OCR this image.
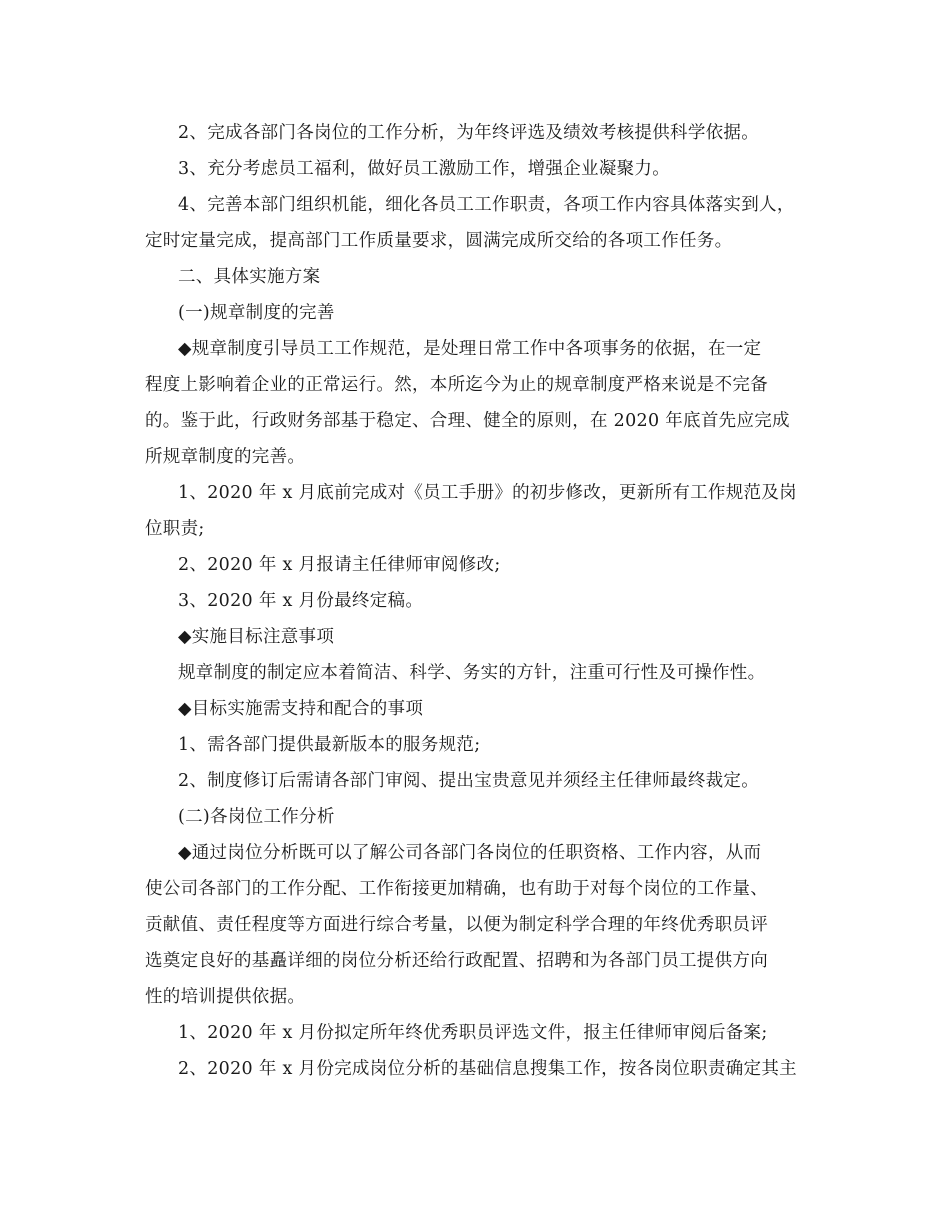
2、完成各部门各岗位的工作分析，为年终评选及绩效考核提供科学依据。
3、充分考虑员工福利，做好员工激励工作，增强企业凝聚力。
4、完善本部门组织机能，细化各员工工作职责，各项工作内容具体落实到人，
定时定量完成，提高部门工作质量要求，圆满完成所交给的各项工作任务。
二、具体实施方案
(一)规章制度的完善
◆规章制度引导员工工作规范，是处理日常工作中各项事务的依据，在一定
程度上影响着企业的正常运行。然，本所迄今为止的规章制度严格来说是不完备
的。鉴于此，行政财务部基于稳定、合理、健全的原则，在 2020 年底首先应完成
所规章制度的完善。
1、2020 年 x 月底前完成对《员工手册》的初步修改，更新所有工作规范及岗
位职责;
2、2020 年 x 月报请主任律师审阅修改;
3、2020 年 x 月份最终定稿。
◆实施目标注意事项
规章制度的制定应本着简洁、科学、务实的方针，注重可行性及可操作性。
◆目标实施需支持和配合的事项
1、需各部门提供最新版本的服务规范;
2、制度修订后需请各部门审阅、提出宝贵意见并须经主任律师最终裁定。
(二)各岗位工作分析
◆通过岗位分析既可以了解公司各部门各岗位的任职资格、工作内容，从而
使公司各部门的工作分配、工作衔接更加精确，也有助于对每个岗位的工作量、
贡献值、责任程度等方面进行综合考量，以便为制定科学合理的年终优秀职员评
选奠定良好的基矗详细的岗位分析还给行政配置、招聘和为各部门员工提供方向
性的培训提供依据。
1、2020 年 x 月份拟定所年终优秀职员评选文件，报主任律师审阅后备案;
2、2020 年 x 月份完成岗位分析的基础信息搜集工作，按各岗位职责确定其主
